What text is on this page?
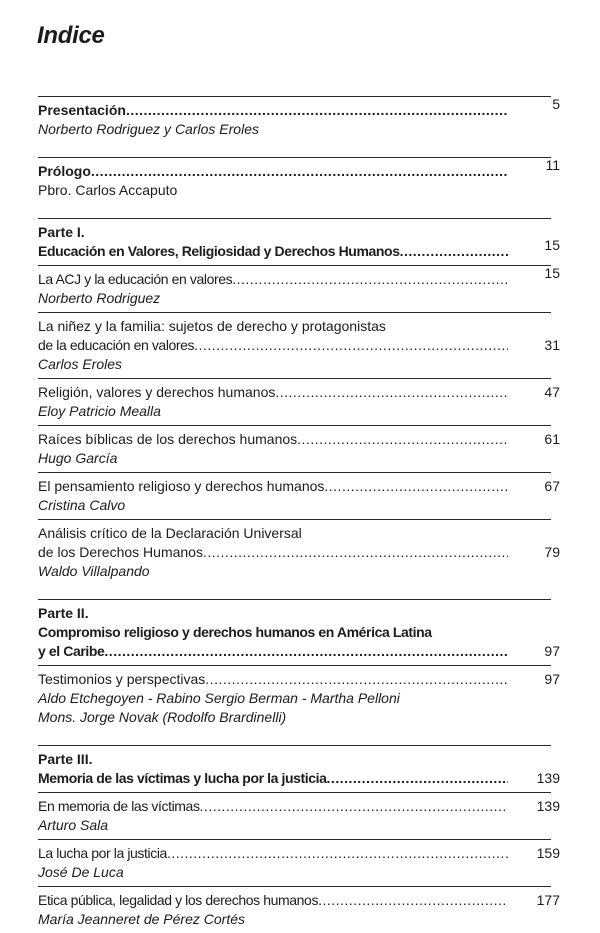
Indice
Presentación .....	5
Norberto Rodriguez y Carlos Eroles
Prólogo .....	11
Pbro. Carlos Accaputo
Parte I.
Educación en Valores, Religiosidad y Derechos Humanos .....	15
La ACJ y la educación en valores .....	15
Norberto Rodriguez
La niñez y la familia: sujetos de derecho y protagonistas
de la educación en valores .....	31
Carlos Eroles
Religión, valores y derechos humanos .....	47
Eloy Patricio Mealla
Raíces bíblicas de los derechos humanos .....	61
Hugo García
El pensamiento religioso y derechos humanos .....	67
Cristina Calvo
Análisis crítico de la Declaración Universal
de los Derechos Humanos .....	79
Waldo Villalpando
Parte II.
Compromiso religioso y derechos humanos en América Latina
y el Caribe .....	97
Testimonios y perspectivas .....	97
Aldo Etchegoyen - Rabino Sergio Berman - Martha Pelloni
Mons. Jorge Novak (Rodolfo Brardinelli)
Parte III.
Memoria de las víctimas y lucha por la justicia .....	139
En memoria de las víctimas .....	139
Arturo Sala
La lucha por la justicia .....	159
José De Luca
Etica pública, legalidad y los derechos humanos .....	177
María Jeanneret de Pérez Cortés
